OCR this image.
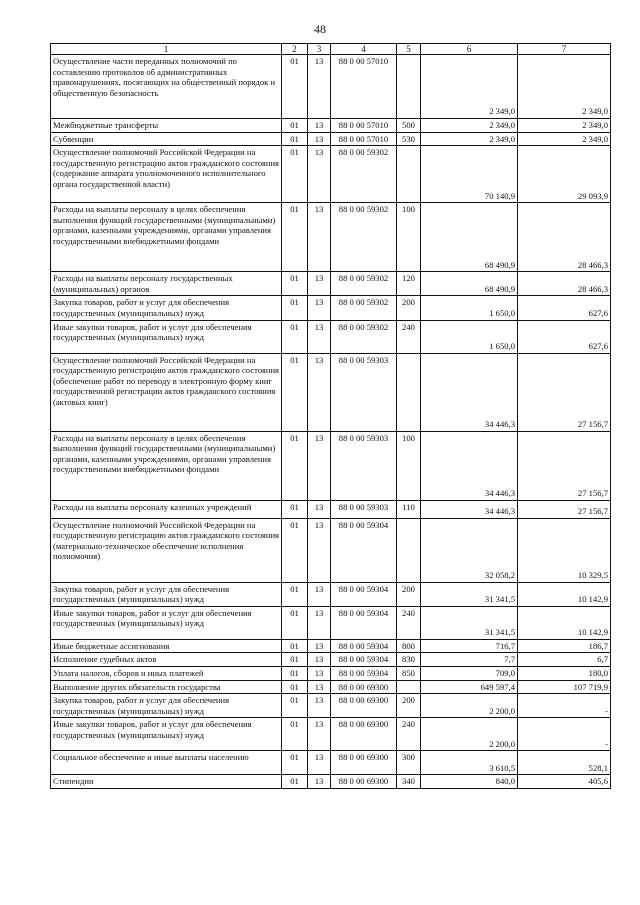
48
1	2	3	4	5	6	7
Осуществление части переданных полномочий по составлению протоколов об административных правонарушениях, посягающих на общественный порядок и общественную безопасность	01	13	88 0 00 57010		2 349,0	2 349,0
Межбюджетные трансферты	01	13	88 0 00 57010	500	2 349,0	2 349,0
Субвенции	01	13	88 0 00 57010	530	2 349,0	2 349,0
Осуществление полномочий Российской Федерации на государственную регистрацию актов гражданского состояния (содержание аппарата уполномоченного исполнительного органа государственной власти)	01	13	88 0 00 59302		70 140,9	29 093,9
Расходы на выплаты персоналу в целях обеспечения выполнения функций государственными (муниципальными) органами, казенными учреждениями, органами управления государственными внебюджетными фондами	01	13	88 0 00 59302	100	68 490,9	28 466,3
Расходы на выплаты персоналу государственных (муниципальных) органов	01	13	88 0 00 59302	120	68 490,9	28 466,3
Закупка товаров, работ и услуг для обеспечения государственных (муниципальных) нужд	01	13	88 0 00 59302	200	1 650,0	627,6
Иные закупки товаров, работ и услуг для обеспечения государственных (муниципальных) нужд	01	13	88 0 00 59302	240	1 650,0	627,6
Осуществление полномочий Российской Федерации на государственную регистрацию актов гражданского состояния (обеспечение работ по переводу в электронную форму книг государственной регистрации актов гражданского состояния (актовых книг)	01	13	88 0 00 59303		34 446,3	27 156,7
Расходы на выплаты персоналу в целях обеспечения выполнения функций государственными (муниципальными) органами, казенными учреждениями, органами управления государственными внебюджетными фондами	01	13	88 0 00 59303	100	34 446,3	27 156,7
Расходы на выплаты персоналу казенных учреждений	01	13	88 0 00 59303	110	34 446,3	27 156,7
Осуществление полномочий Российской Федерации на государственную регистрацию актов гражданского состояния (материально-техническое обеспечение исполнения полномочия)	01	13	88 0 00 59304		32 058,2	10 329,5
Закупка товаров, работ и услуг для обеспечения государственных (муниципальных) нужд	01	13	88 0 00 59304	200	31 341,5	10 142,9
Иные закупки товаров, работ и услуг для обеспечения государственных (муниципальных) нужд	01	13	88 0 00 59304	240	31 341,5	10 142,9
Иные бюджетные ассигнования	01	13	88 0 00 59304	800	716,7	186,7
Исполнение судебных актов	01	13	88 0 00 59304	830	7,7	6,7
Уплата налогов, сборов и иных платежей	01	13	88 0 00 59304	850	709,0	180,0
Выполнение других обязательств государства	01	13	88 0 00 69300		649 597,4	107 719,9
Закупка товаров, работ и услуг для обеспечения государственных (муниципальных) нужд	01	13	88 0 00 69300	200	2 200,0	-
Иные закупки товаров, работ и услуг для обеспечения государственных (муниципальных) нужд	01	13	88 0 00 69300	240	2 200,0	-
Социальное обеспечение и иные выплаты населению	01	13	88 0 00 69300	300	3 610,5	528,1
Стипендии	01	13	88 0 00 69300	340	840,0	405,6
